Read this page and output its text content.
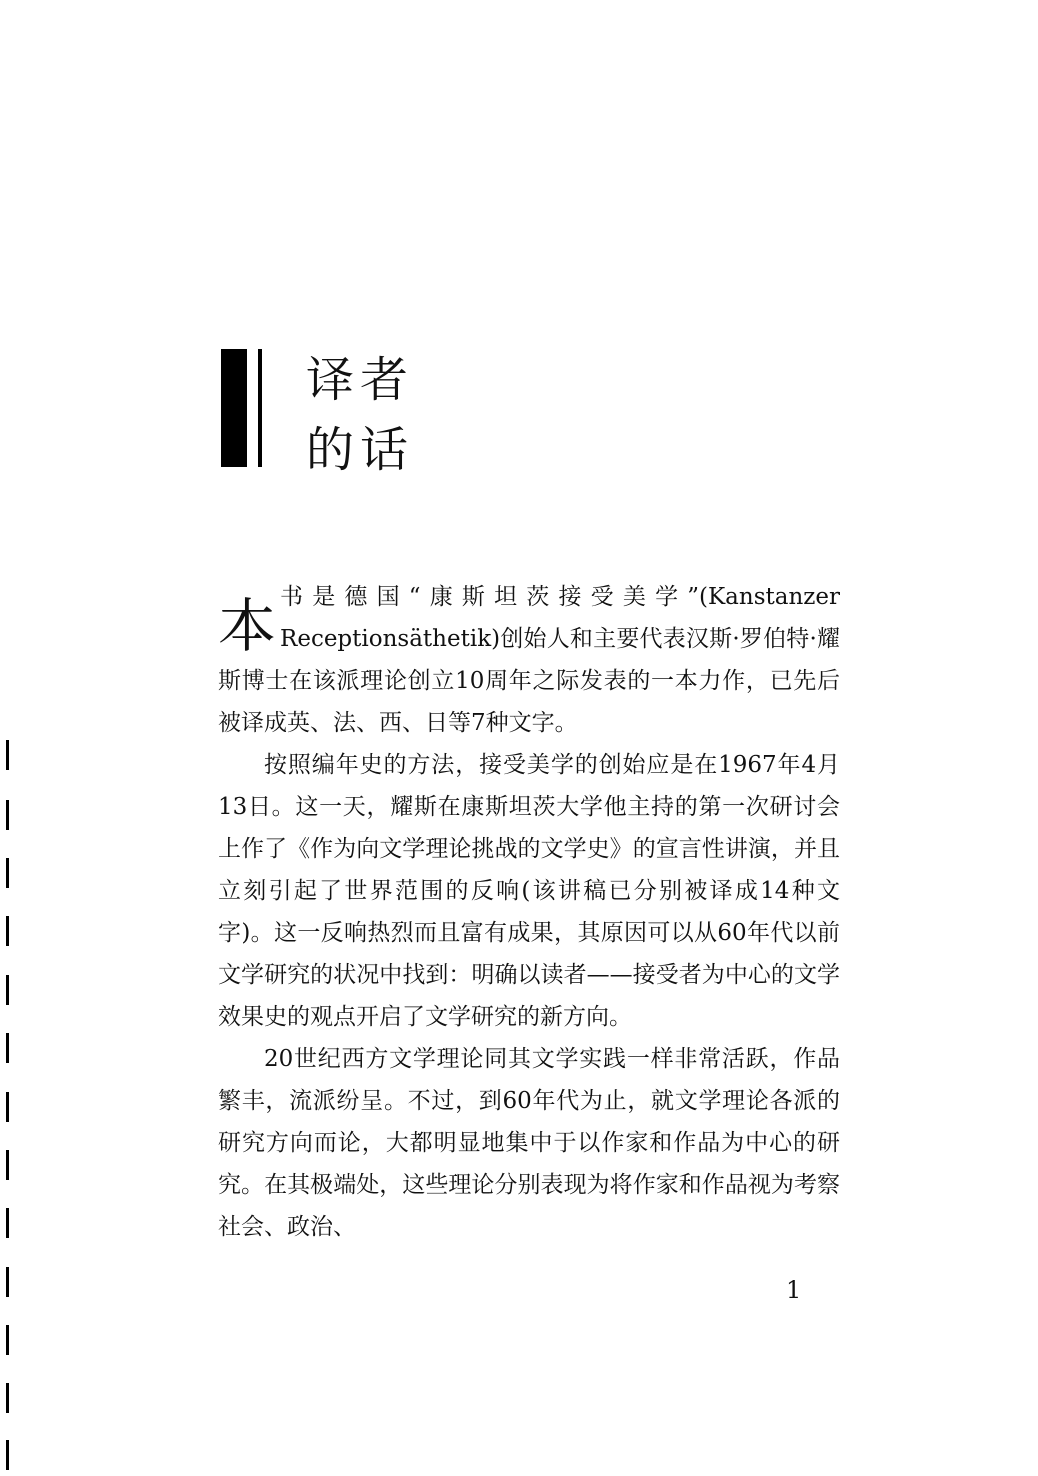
译者
的话

本书是德国“康斯坦茨接受美学”(Kanstanzer Receptionsäthetik)创始人和主要代表汉斯·罗伯特·耀斯博士在该派理论创立10周年之际发表的一本力作，已先后被译成英、法、西、日等7种文字。

按照编年史的方法，接受美学的创始应是在1967年4月13日。这一天，耀斯在康斯坦茨大学他主持的第一次研讨会上作了《作为向文学理论挑战的文学史》的宣言性讲演，并且立刻引起了世界范围的反响(该讲稿已分别被译成14种文字)。这一反响热烈而且富有成果，其原因可以从60年代以前文学研究的状况中找到：明确以读者——接受者为中心的文学效果史的观点开启了文学研究的新方向。

20世纪西方文学理论同其文学实践一样非常活跃，作品繁丰，流派纷呈。不过，到60年代为止，就文学理论各派的研究方向而论，大都明显地集中于以作家和作品为中心的研究。在其极端处，这些理论分别表现为将作家和作品视为考察社会、政治、

1
